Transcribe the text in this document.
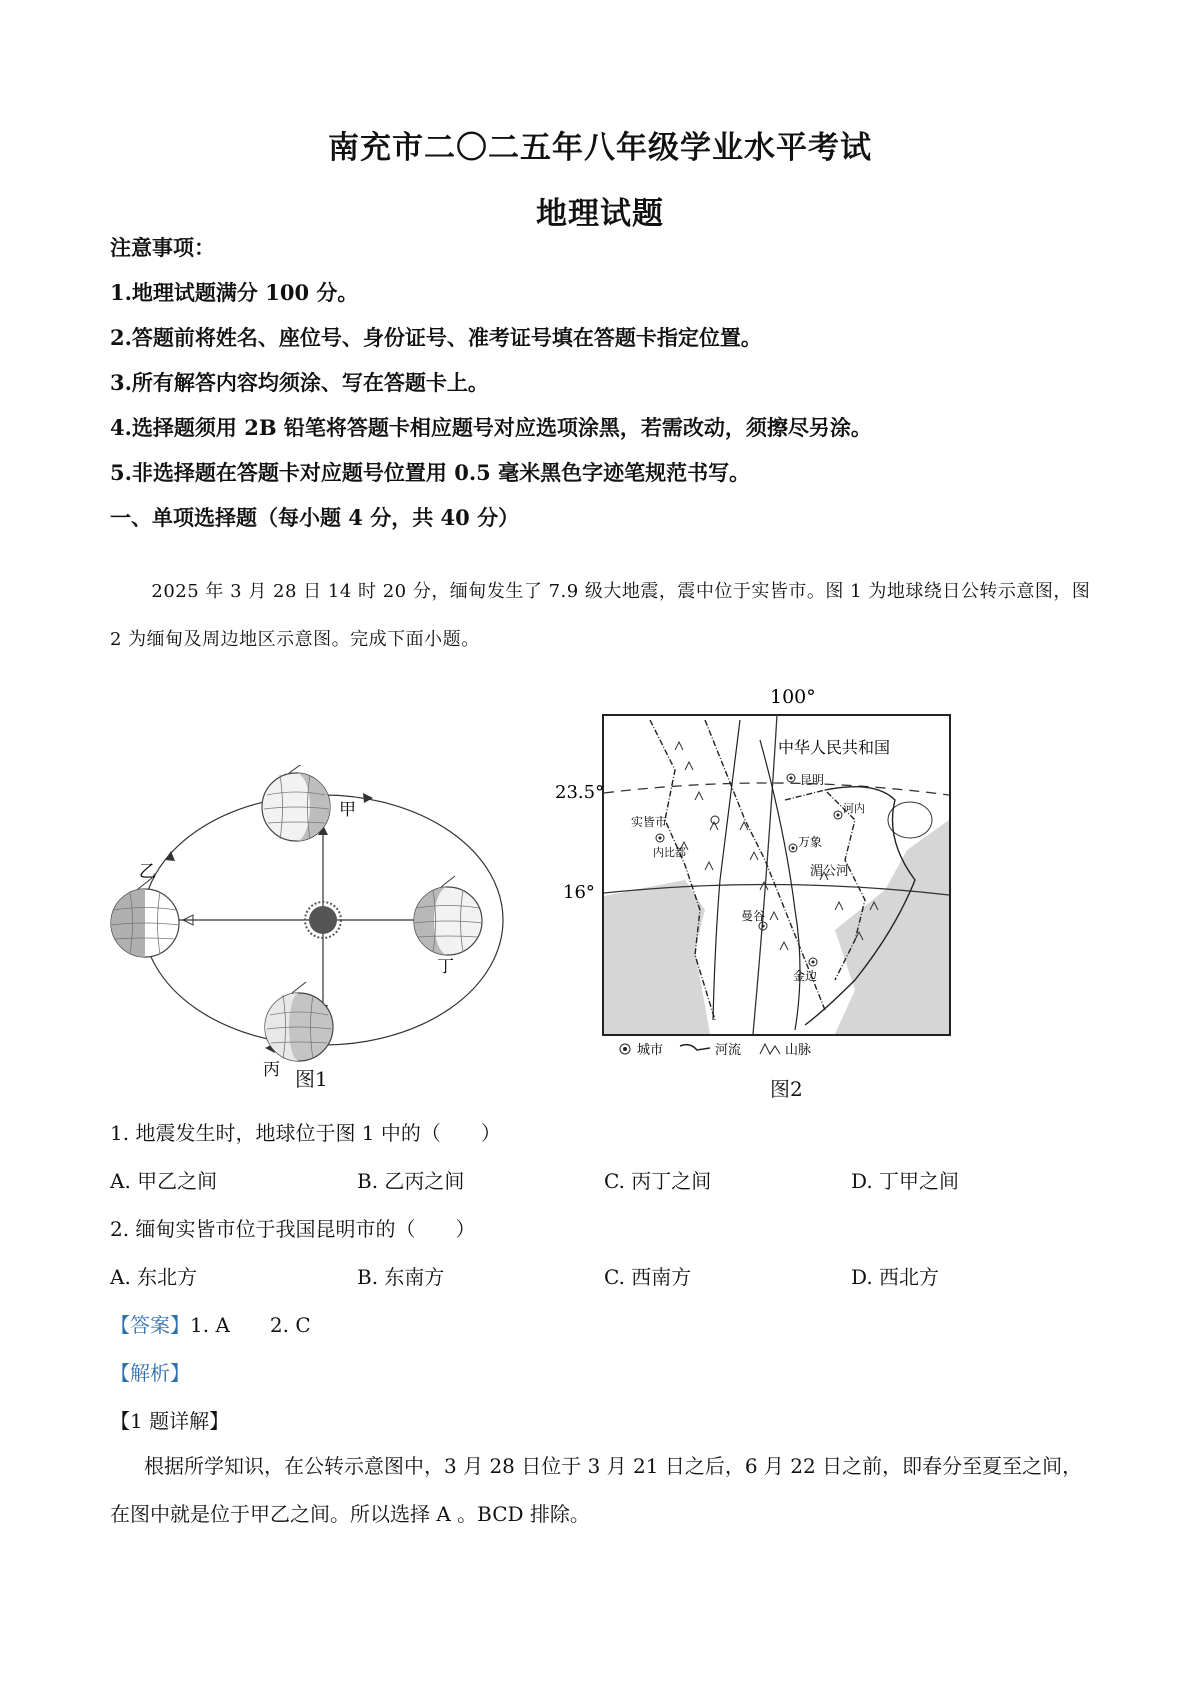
南充市二〇二五年八年级学业水平考试
地理试题

注意事项：

1.地理试题满分 100 分。

2.答题前将姓名、座位号、身份证号、准考证号填在答题卡指定位置。

3.所有解答内容均须涂、写在答题卡上。

4.选择题须用 2B 铅笔将答题卡相应题号对应选项涂黑，若需改动，须擦尽另涂。

5.非选择题在答题卡对应题号位置用 0.5 毫米黑色字迹笔规范书写。

一、单项选择题（每小题 4 分，共 40 分）

2025 年 3 月 28 日 14 时 20 分，缅甸发生了 7.9 级大地震，震中位于实皆市。图 1 为地球绕日公转示意图，图 2 为缅甸及周边地区示意图。完成下面小题。

甲
乙
丁
丙 图1
100°
23.5°
16°
中华人民共和国
昆明
实皆市
内比都
河内
万象
曼谷
金边
湄公河
城市	河流	山脉
图2

1. 地震发生时，地球位于图 1 中的（　　）

A. 甲乙之间	B. 乙丙之间	C. 丙丁之间	D. 丁甲之间

2. 缅甸实皆市位于我国昆明市的（　　）

A. 东北方	B. 东南方	C. 西南方	D. 西北方

【答案】1. A　　2. C

【解析】

【1 题详解】

根据所学知识，在公转示意图中，3 月 28 日位于 3 月 21 日之后，6 月 22 日之前，即春分至夏至之间，在图中就是位于甲乙之间。所以选择 A 。BCD 排除。
